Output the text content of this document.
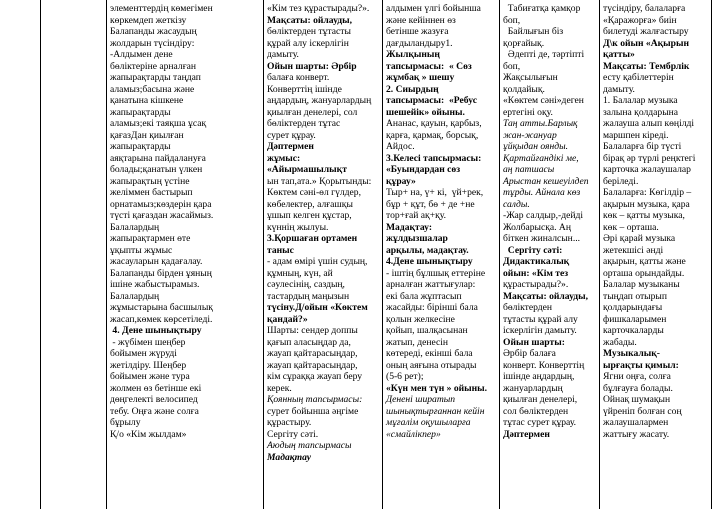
элементтердің көмегімен

көркемдеп жеткізу

Балапанды жасаудың

жолдарын түсіндіру:

-Алдымен дене

бөліктеріне арналған

жапырақтарды таңдап

аламыз;басына және

қанатына кішкене

жапырақтарды

аламыз;екі таяқша ұсақ

қағазДан қиылған

жапырақтарды

аяқтарына пайдалануға

болады;қанатын үлкен

жапырақтың үстіне

желіммен бастырып

орнатамыз;көздерін қара

түсті қағаздан жасаймыз.

Балалардың

жапырақтармен өте

ұқыпты жұмыс

жасауларын қадағалау.

Балапанды бірден ұяның

ішіне жабыстырамыз.

Балалардың

жұмыстарына басшылық

жасап,көмек көрсетіледі.

4. Дене шынықтыру

- жүбімен шеңбер

бойымен жүруді

жетілдіру. Шеңбер

бойымен және тура

жолмен өз бетінше екі

дөңгелекті велосипед

тебу. Оңға және солға

бұрылу

Қ/о «Кім жылдам»

«Кім тез құрастырады?».

Мақсаты: ойлауды,

бөліктерден тұтасты

құрай алу іскерлігін

дамыту.

Ойын шарты: Әрбір

балаға конверт.

Конверттің ішінде

аңдардың, жануарлардың

қиылған денелері, сол

бөліктерден тұтас

сурет құрау.

Дәптермен

жұмыс: «Айырмашылықт

ын тап,ата.» Қорытынды:

Көктем сәні-өл гүлдер,

көбелектер, алғашқы

ұшып келген құстар,

күннің жылуы.

3.Қоршаған ортамен

таныс

- адам өмірі үшін судың,

құмның, күн, ай

сәулесінің, саздың,

тастардың маңызын

түсіну.Д/ойын «Көктем

қандай?»

Шарты: сендер доппы

қағып аласыңдар да,

жауап қайтарасыңдар,

жауап қайтарасыңдар,

кім сұраққа жауап беру

керек.

Қоянның тапсырмасы:

сурет бойынша әңгіме

құрастыру.

Сергіту сәті.

Аюдың тапсырмасы

Мадақтау

алдымен үлгі бойынша

және кейіннен өз

бетінше жазуға

дағдыландыру1.

Жылқының

тапсырмасы:  « Сөз

жұмбақ » шешу

2. Сиырдың

тапсырмасы:  «Ребус

шешейік» ойыны.

Ананас, қауын, қарбыз,

қарға, қармақ, борсық,

Айдос.

3.Келесі тапсырмасы:

«Буындардан сөз

құрау»

Тыр+ на, ү+ кі,  үй+рек,

бұр + құт, бө + де +не

тор+ғай ақ+қу.

Мадақтау:

жұлдызшалар

арқылы, мадақтау.

4.Дене шынықтыру

- іштің бұлшық еттеріне

арналған жаттығулар:

екі бала жұптасып

жасайды: біріншi бала

қолын желкесіне

қойып, шалқасынан

жатып, денесін

көтереді, екінші бала

оның аяғына отырады

(5-6 рет);

«Күн мен түн » ойыны.

Денені ширатып

шынықтырғаннан кейін

мұғалім оқушыларға

«смайлікпер»

Табиғатқа қамқор

боп,

Байлығын біз

қорғайық.

Әдепті де, тәртіпті

боп,

Жақсылығын

қолдайық.

«Көктем сәні»деген

ертегіні оқу.

Таң атты.Барлық

жан-жануар

ұйқыдан оянды.

Қартайғандікі ме,

аң патшасы

Арыстан кешеуілдеп

тұрды. Айнала көз

салды.

-Жар салдыр,-дейді

Жолбарысқа. Аң

біткен жиналсын...

Сергіту сәті:

Дидактикалық

ойын: «Кім тез

құрастырады?».

Мақсаты: ойлауды,

бөліктерден

тұтасты құрай алу

іскерлігін дамыту.

Ойын шарты:

Әрбір балаға

конверт. Конверттің

ішінде аңдардың,

жануарлардың

қиылған денелері,

сол бөліктерден

тұтас сурет құрау.

Дәптермен

түсіндіру, балаларға

«Қаражорға» биін

билетуді жалғастыру

Д\к ойын «Ақырын

қатты»

Мақсаты: Тембрлік

есту қабілеттерін

дамыту.

1. Балалар музыка

залына қолдарына

жалауша алып көңілді

маршпен кіреді.

Балаларға бір түсті

бірақ әр түрлі реңктегі

карточка жалаушалар

беріледі.

Балаларға: Көгілдір –

ақырын музыка, қара

көк – қатты музыка,

көк – орташа.

Әрі қарай музыка

жетекшісі әнді

ақырын, қатты және

орташа орындайды.

Балалар музыканы

тыңдап отырып

қолдарындағы

фишкаларымен

карточкаларды

жабады.

Музыкалық-

ырғақты қимыл:

Ягни оңға, солға

бұлғауға болады.

Ойнақ шумақын

үйреніп болған соң

жалаушалармен

жаттығу жасату.
